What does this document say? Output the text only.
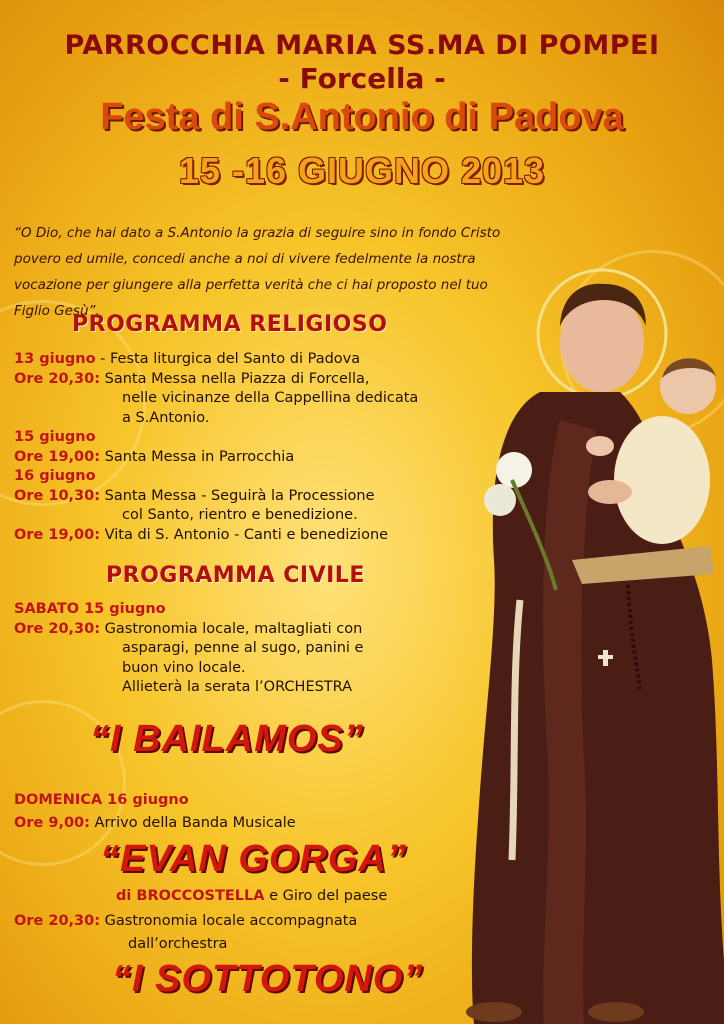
PARROCCHIA MARIA SS.MA DI POMPEI
- Forcella -
Festa di S.Antonio di Padova
15 -16 GIUGNO 2013

“O Dio, che hai dato a S.Antonio la grazia di seguire sino in fondo Cristo povero ed umile, concedi anche a noi di vivere fedelmente la nostra vocazione per giungere alla perfetta verità che ci hai proposto nel tuo Figlio Gesù”.

PROGRAMMA RELIGIOSO
13 giugno - Festa liturgica del Santo di Padova
Ore 20,30: Santa Messa nella Piazza di Forcella,
nelle vicinanze della Cappellina dedicata
a S.Antonio.
15 giugno
Ore 19,00: Santa Messa in Parrocchia
16 giugno
Ore 10,30: Santa Messa - Seguirà la Processione
col Santo, rientro e benedizione.
Ore 19,00: Vita di S. Antonio - Canti e benedizione
PROGRAMMA CIVILE
SABATO 15 giugno
Ore 20,30: Gastronomia locale, maltagliati con
asparagi, penne al sugo, panini e
buon vino locale.
Allieterà la serata l’ORCHESTRA
“I BAILAMOS”

DOMENICA 16 giugno

Ore 9,00: Arrivo della Banda Musicale

“EVAN GORGA”

di BROCCOSTELLA e Giro del paese

Ore 20,30: Gastronomia locale accompagnata

dall’orchestra

“I SOTTOTONO”
